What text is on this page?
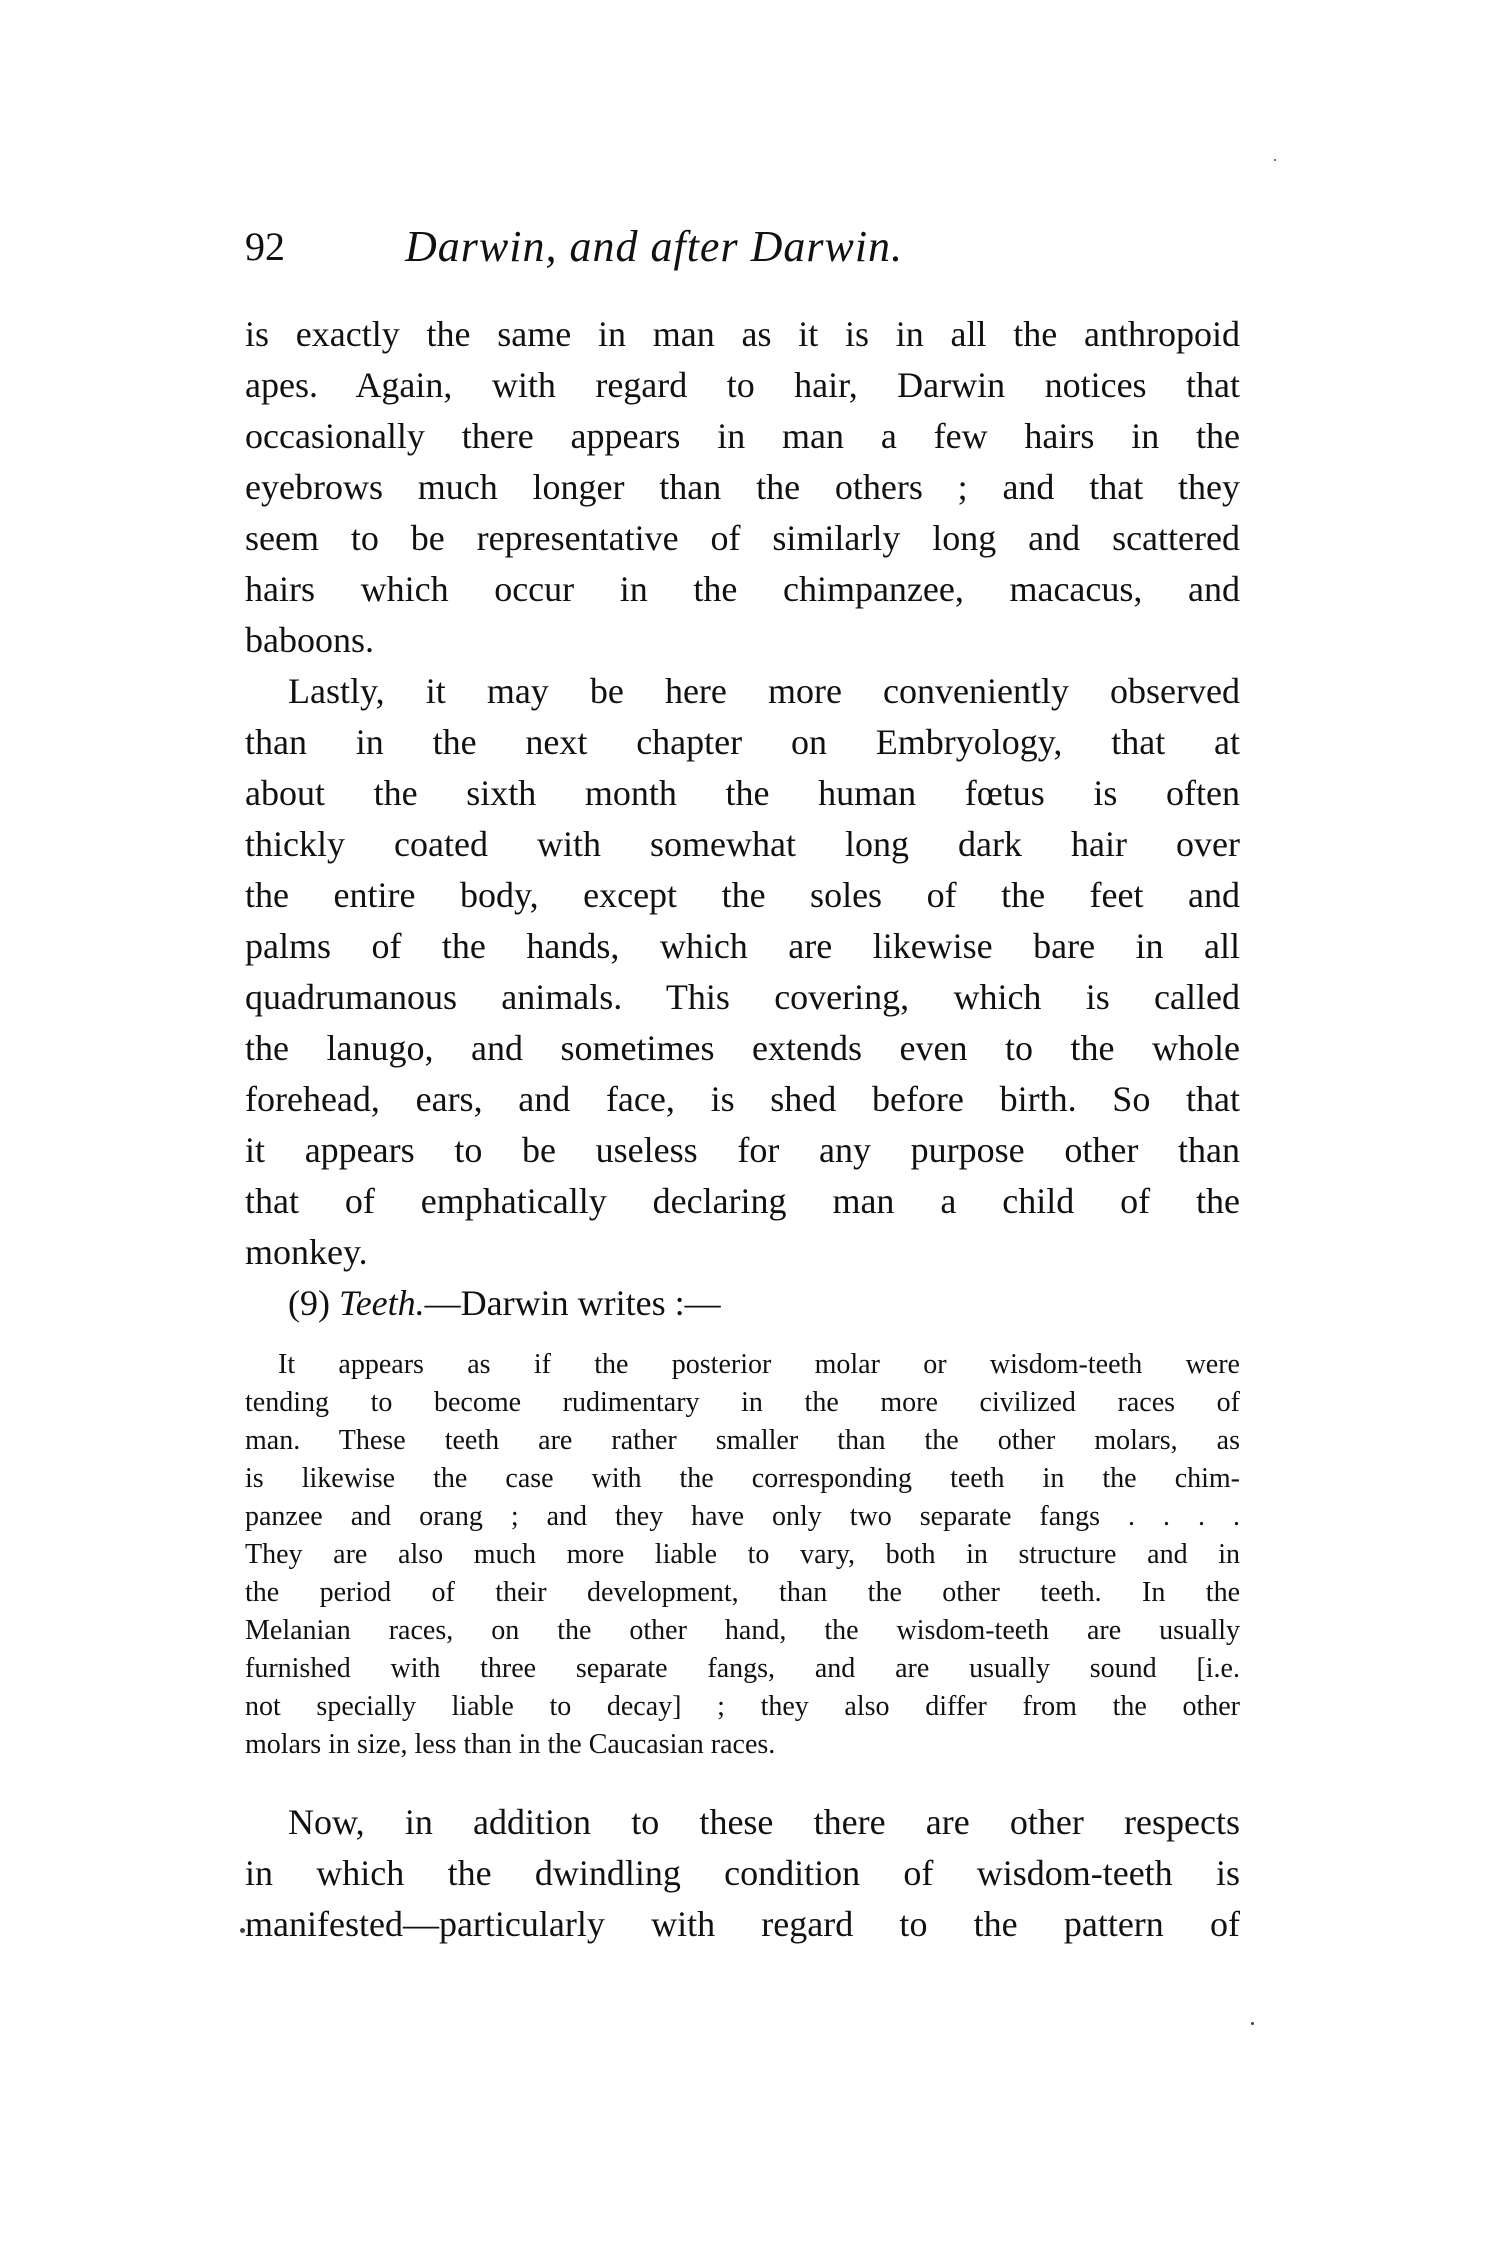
92	Darwin, and after Darwin.
is exactly the same in man as it is in all the anthropoid
apes. Again, with regard to hair, Darwin notices that
occasionally there appears in man a few hairs in the
eyebrows much longer than the others ; and that they
seem to be representative of similarly long and scattered
hairs which occur in the chimpanzee, macacus, and
baboons.
Lastly, it may be here more conveniently observed
than in the next chapter on Embryology, that at
about the sixth month the human fœtus is often
thickly coated with somewhat long dark hair over
the entire body, except the soles of the feet and
palms of the hands, which are likewise bare in all
quadrumanous animals. This covering, which is called
the lanugo, and sometimes extends even to the whole
forehead, ears, and face, is shed before birth. So that
it appears to be useless for any purpose other than
that of emphatically declaring man a child of the
monkey.
(9) Teeth.—Darwin writes :—
It appears as if the posterior molar or wisdom-teeth were
tending to become rudimentary in the more civilized races of
man. These teeth are rather smaller than the other molars, as
is likewise the case with the corresponding teeth in the chim-
panzee and orang ; and they have only two separate fangs . . . .
They are also much more liable to vary, both in structure and in
the period of their development, than the other teeth. In the
Melanian races, on the other hand, the wisdom-teeth are usually
furnished with three separate fangs, and are usually sound [i.e.
not specially liable to decay] ; they also differ from the other
molars in size, less than in the Caucasian races.
Now, in addition to these there are other respects
in which the dwindling condition of wisdom-teeth is
manifested—particularly with regard to the pattern of
